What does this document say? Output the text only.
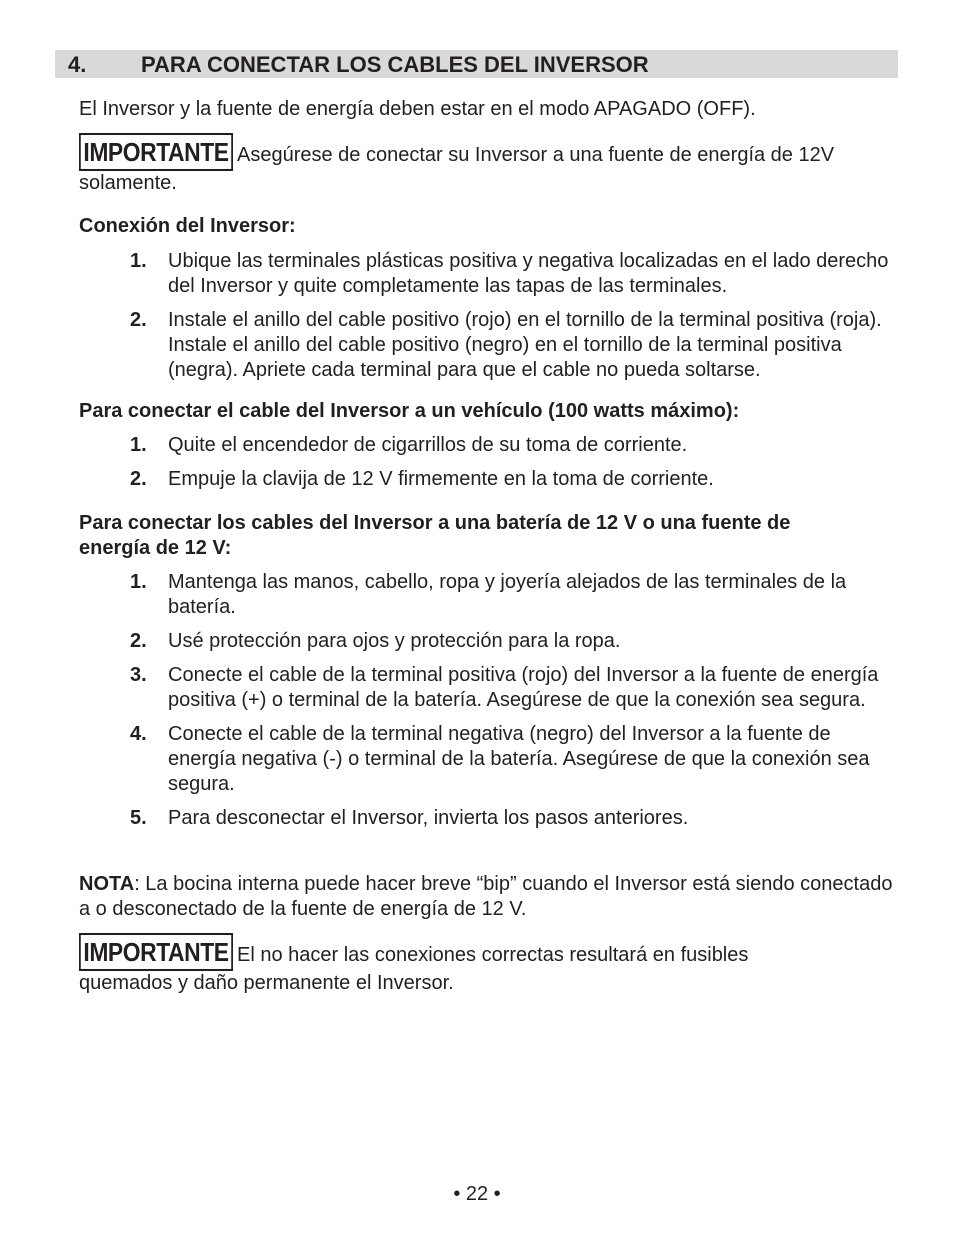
4. PARA CONECTAR LOS CABLES DEL INVERSOR

El Inversor y la fuente de energía deben estar en el modo APAGADO (OFF).

IMPORTANTE Asegúrese de conectar su Inversor a una fuente de energía de 12V
solamente.

Conexión del Inversor:

1. Ubique las terminales plásticas positiva y negativa localizadas en el lado derecho del Inversor y quite completamente las tapas de las terminales.
2. Instale el anillo del cable positivo (rojo) en el tornillo de la terminal positiva (roja). Instale el anillo del cable positivo (negro) en el tornillo de la terminal positiva (negra). Apriete cada terminal para que el cable no pueda soltarse.

Para conectar el cable del Inversor a un vehículo (100 watts máximo):

1. Quite el encendedor de cigarrillos de su toma de corriente.
2. Empuje la clavija de 12 V firmemente en la toma de corriente.
Para conectar los cables del Inversor a una batería de 12 V o una fuente de
energía de 12 V:
1. Mantenga las manos, cabello, ropa y joyería alejados de las terminales de la batería.
2. Usé protección para ojos y protección para la ropa.
3. Conecte el cable de la terminal positiva (rojo) del Inversor a la fuente de energía positiva (+) o terminal de la batería. Asegúrese de que la conexión sea segura.
4. Conecte el cable de la terminal negativa (negro) del Inversor a la fuente de energía negativa (-) o terminal de la batería. Asegúrese de que la conexión sea segura.
5. Para desconectar el Inversor, invierta los pasos anteriores.

NOTA: La bocina interna puede hacer breve “bip” cuando el Inversor está siendo conectado a o desconectado de la fuente de energía de 12 V.

IMPORTANTE El no hacer las conexiones correctas resultará en fusibles
quemados y daño permanente el Inversor.
• 22 •
